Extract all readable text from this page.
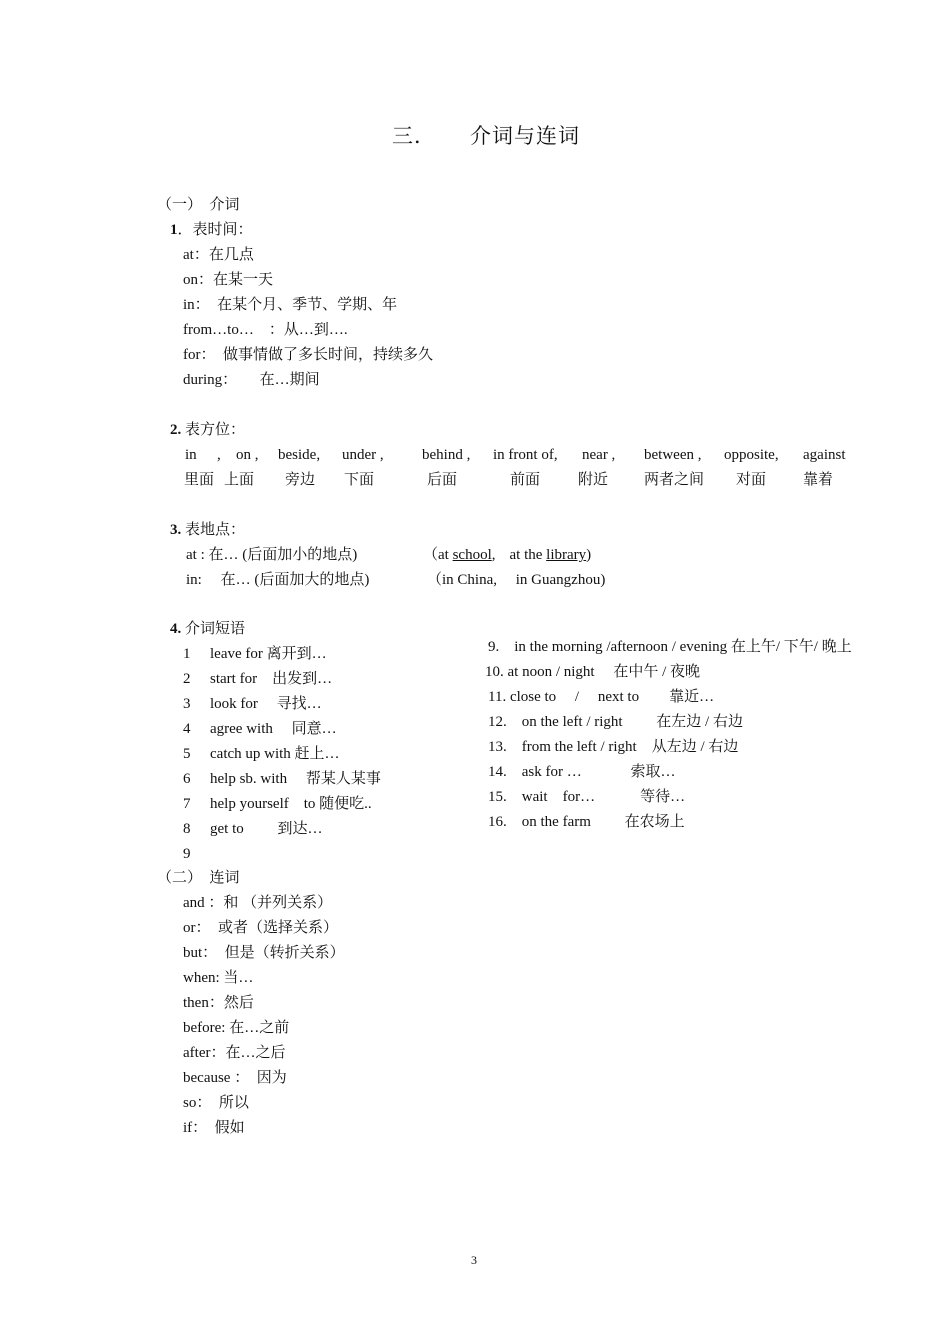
三． 介词与连词
（一）　介词
1．表时间：
at：在几点
on：在某一天
in：　在某个月、季节、学期、年
from…to…　：从…到….
for：　做事情做了多长时间，持续多久
during：　　在…期间
2. 表方位：
in , on , beside, under ,	behind , in front of, near , between , opposite, against
里面 上面 旁边 下面	后面	前面	附近 两者之间 对面 靠着
3. 表地点：
at : 在… (后面加小的地点)	（at school, at the library)
in:　 在… (后面加大的地点)	（in China,　 in Guangzhou)
4. 介词短语
1 leave for 离开到…
2 start for　出发到…
3 look for　 寻找…
4 agree with　 同意…
5 catch up with 赶上…
6 help sb. with　 帮某人某事
7 help yourself　to 随便吃..
8 get to　　 到达…
9
9.　in the morning /afternoon / evening 在上午/ 下午/ 晚上
10. at noon / night　 在中午 / 夜晚
11. close to　 /　 next to　　靠近…
12.　on the left / right　　 在左边 / 右边
13.　from the left / right　从左边 / 右边
14.　ask for …　　　 索取…
15.　wait　for…　　　等待…
16.　on the farm　　 在农场上
（二）　连词
and ：和 （并列关系）
or：　或者（选择关系）
but：　但是（转折关系）
when: 当…
then：然后
before: 在…之前
after：在…之后
because ：　因为
so：　所以
if：　假如
3
